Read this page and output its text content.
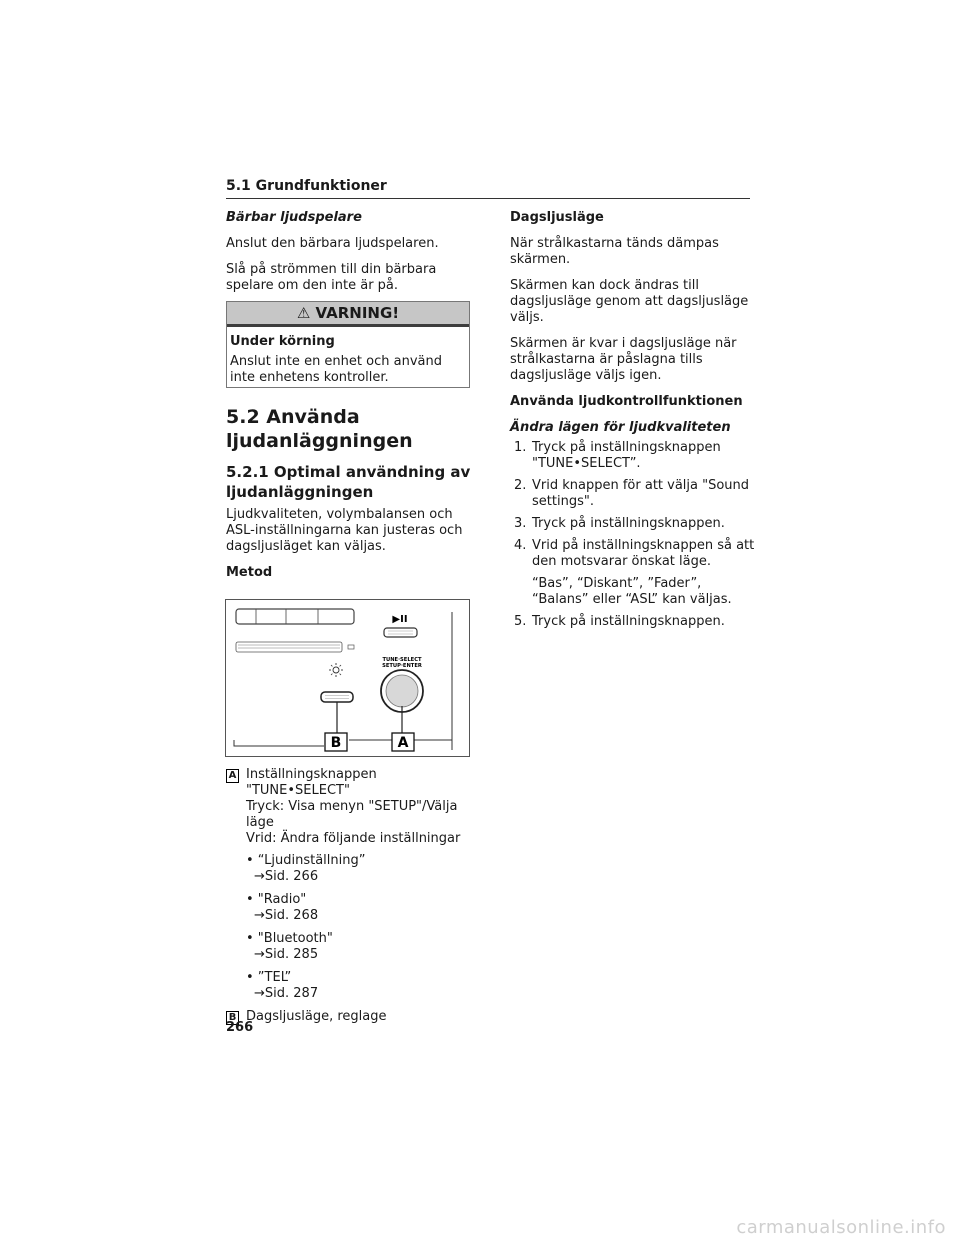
5.1 Grundfunktioner

Bärbar ljudspelare

Anslut den bärbara ljudspelaren.

Slå på strömmen till din bärbara spelare om den inte är på.

⚠ VARNING!
Under körning
Anslut inte en enhet och använd inte enhetens kontroller.
5.2 Använda ljudanläggningen
5.2.1 Optimal användning av ljudanläggningen

Ljudkvaliteten, volymbalansen och ASL-inställningarna kan justeras och dagsljusläget kan väljas.

Metod

▶II
TUNE·SELECT
SETUP·ENTER
B	A
A Inställningsknappen "TUNE•SELECT"
Tryck: Visa menyn "SETUP"/Välja läge
Vrid: Ändra följande inställningar
• “Ljudinställning”
→Sid. 266
• "Radio"
→Sid. 268
• "Bluetooth"
→Sid. 285
• ”TEL”
→Sid. 287
B Dagsljusläge, reglage

Dagsljusläge

När strålkastarna tänds dämpas skärmen.

Skärmen kan dock ändras till dagsljusläge genom att dagsljusläge väljs.

Skärmen är kvar i dagsljusläge när strålkastarna är påslagna tills dagsljusläge väljs igen.

Använda ljudkontrollfunktionen

Ändra lägen för ljudkvaliteten

1. Tryck på inställningsknappen "TUNE•SELECT”.
2. Vrid knappen för att välja "Sound settings".
3. Tryck på inställningsknappen.
4. Vrid på inställningsknappen så att den motsvarar önskat läge.
“Bas”, “Diskant”, ”Fader”, “Balans” eller “ASL” kan väljas.
5. Tryck på inställningsknappen.
266
carmanualsonline.info
